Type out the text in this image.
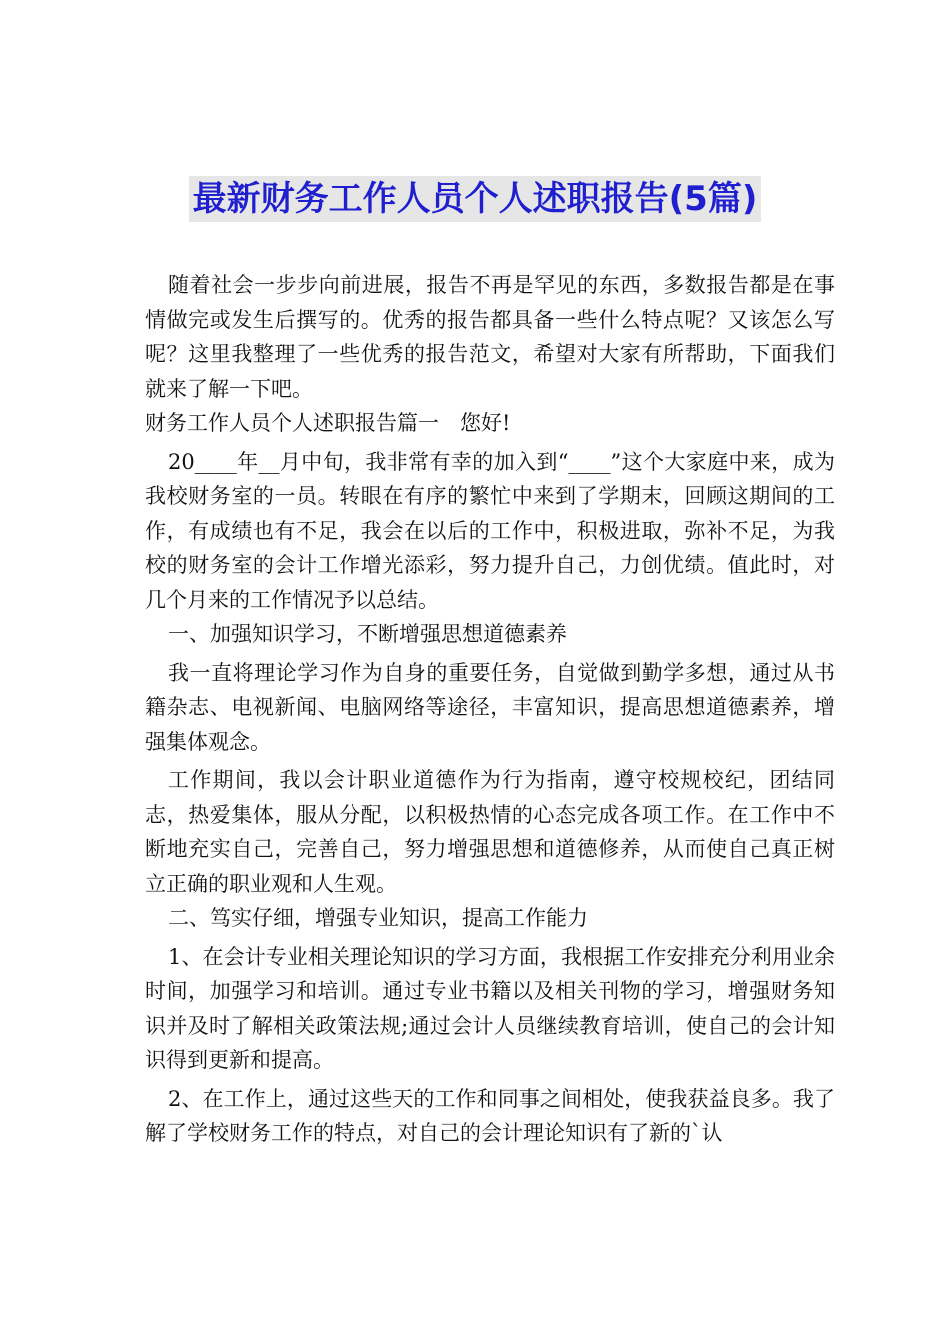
最新财务工作人员个人述职报告(5篇)

随着社会一步步向前进展，报告不再是罕见的东西，多数报告都是在事情做完或发生后撰写的。优秀的报告都具备一些什么特点呢？又该怎么写呢？这里我整理了一些优秀的报告范文，希望对大家有所帮助，下面我们就来了解一下吧。

财务工作人员个人述职报告篇一　您好!

20____年__月中旬，我非常有幸的加入到“____”这个大家庭中来，成为我校财务室的一员。转眼在有序的繁忙中来到了学期末，回顾这期间的工作，有成绩也有不足，我会在以后的工作中，积极进取，弥补不足，为我校的财务室的会计工作增光添彩，努力提升自己，力创优绩。值此时，对几个月来的工作情况予以总结。

一、加强知识学习，不断增强思想道德素养

我一直将理论学习作为自身的重要任务，自觉做到勤学多想，通过从书籍杂志、电视新闻、电脑网络等途径，丰富知识，提高思想道德素养，增强集体观念。

工作期间，我以会计职业道德作为行为指南，遵守校规校纪，团结同志，热爱集体，服从分配，以积极热情的心态完成各项工作。在工作中不断地充实自己，完善自己，努力增强思想和道德修养，从而使自己真正树立正确的职业观和人生观。

二、笃实仔细，增强专业知识，提高工作能力

1、在会计专业相关理论知识的学习方面，我根据工作安排充分利用业余时间，加强学习和培训。通过专业书籍以及相关刊物的学习，增强财务知识并及时了解相关政策法规;通过会计人员继续教育培训，使自己的会计知识得到更新和提高。

2、在工作上，通过这些天的工作和同事之间相处，使我获益良多。我了解了学校财务工作的特点，对自己的会计理论知识有了新的`认
